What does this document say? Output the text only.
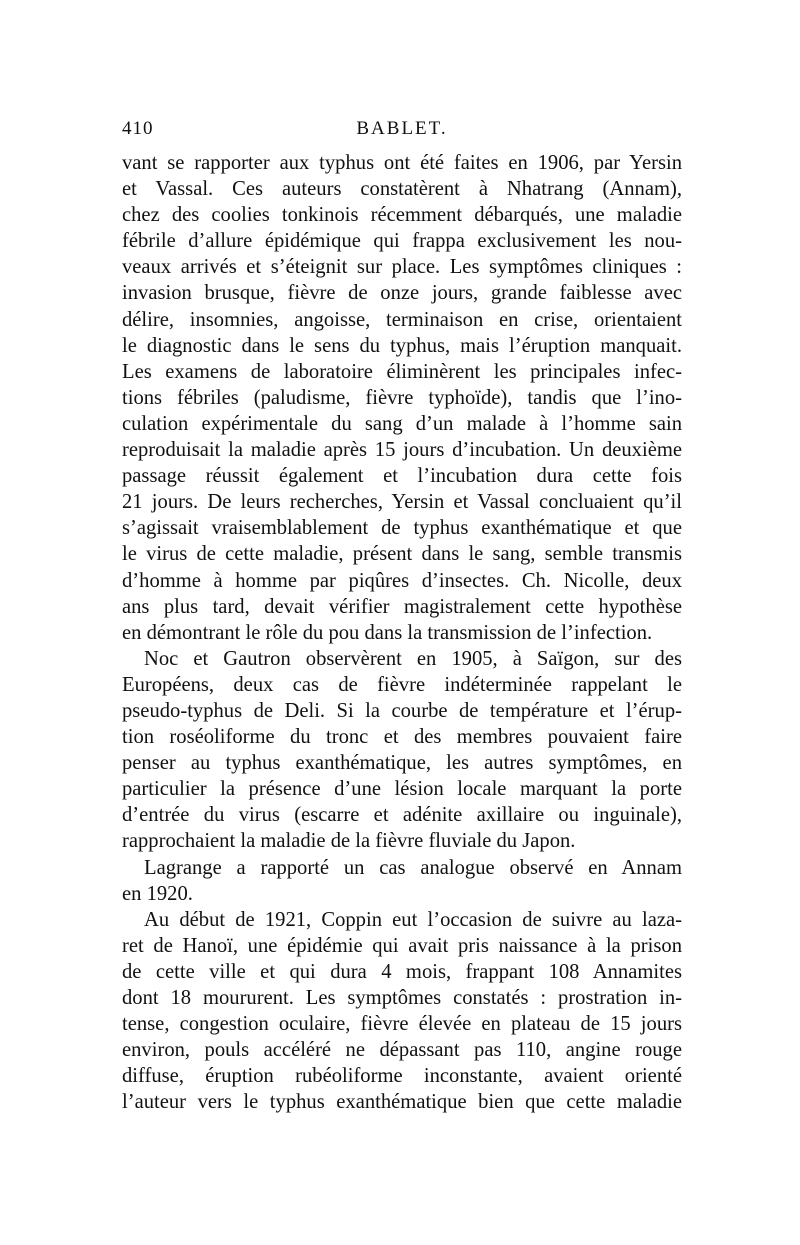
410	BABLET.
vant se rapporter aux typhus ont été faites en 1906, par Yersin
et Vassal. Ces auteurs constatèrent à Nhatrang (Annam),
chez des coolies tonkinois récemment débarqués, une maladie
fébrile d’allure épidémique qui frappa exclusivement les nou-
veaux arrivés et s’éteignit sur place. Les symptômes cliniques :
invasion brusque, fièvre de onze jours, grande faiblesse avec
délire, insomnies, angoisse, terminaison en crise, orientaient
le diagnostic dans le sens du typhus, mais l’éruption manquait.
Les examens de laboratoire éliminèrent les principales infec-
tions fébriles (paludisme, fièvre typhoïde), tandis que l’ino-
culation expérimentale du sang d’un malade à l’homme sain
reproduisait la maladie après 15 jours d’incubation. Un deuxième
passage réussit également et l’incubation dura cette fois
21 jours. De leurs recherches, Yersin et Vassal concluaient qu’il
s’agissait vraisemblablement de typhus exanthématique et que
le virus de cette maladie, présent dans le sang, semble transmis
d’homme à homme par piqûres d’insectes. Ch. Nicolle, deux
ans plus tard, devait vérifier magistralement cette hypothèse
en démontrant le rôle du pou dans la transmission de l’infection.
Noc et Gautron observèrent en 1905, à Saïgon, sur des
Européens, deux cas de fièvre indéterminée rappelant le
pseudo-typhus de Deli. Si la courbe de température et l’érup-
tion roséoliforme du tronc et des membres pouvaient faire
penser au typhus exanthématique, les autres symptômes, en
particulier la présence d’une lésion locale marquant la porte
d’entrée du virus (escarre et adénite axillaire ou inguinale),
rapprochaient la maladie de la fièvre fluviale du Japon.
Lagrange a rapporté un cas analogue observé en Annam
en 1920.
Au début de 1921, Coppin eut l’occasion de suivre au laza-
ret de Hanoï, une épidémie qui avait pris naissance à la prison
de cette ville et qui dura 4 mois, frappant 108 Annamites
dont 18 moururent. Les symptômes constatés : prostration in-
tense, congestion oculaire, fièvre élevée en plateau de 15 jours
environ, pouls accéléré ne dépassant pas 110, angine rouge
diffuse, éruption rubéoliforme inconstante, avaient orienté
l’auteur vers le typhus exanthématique bien que cette maladie
